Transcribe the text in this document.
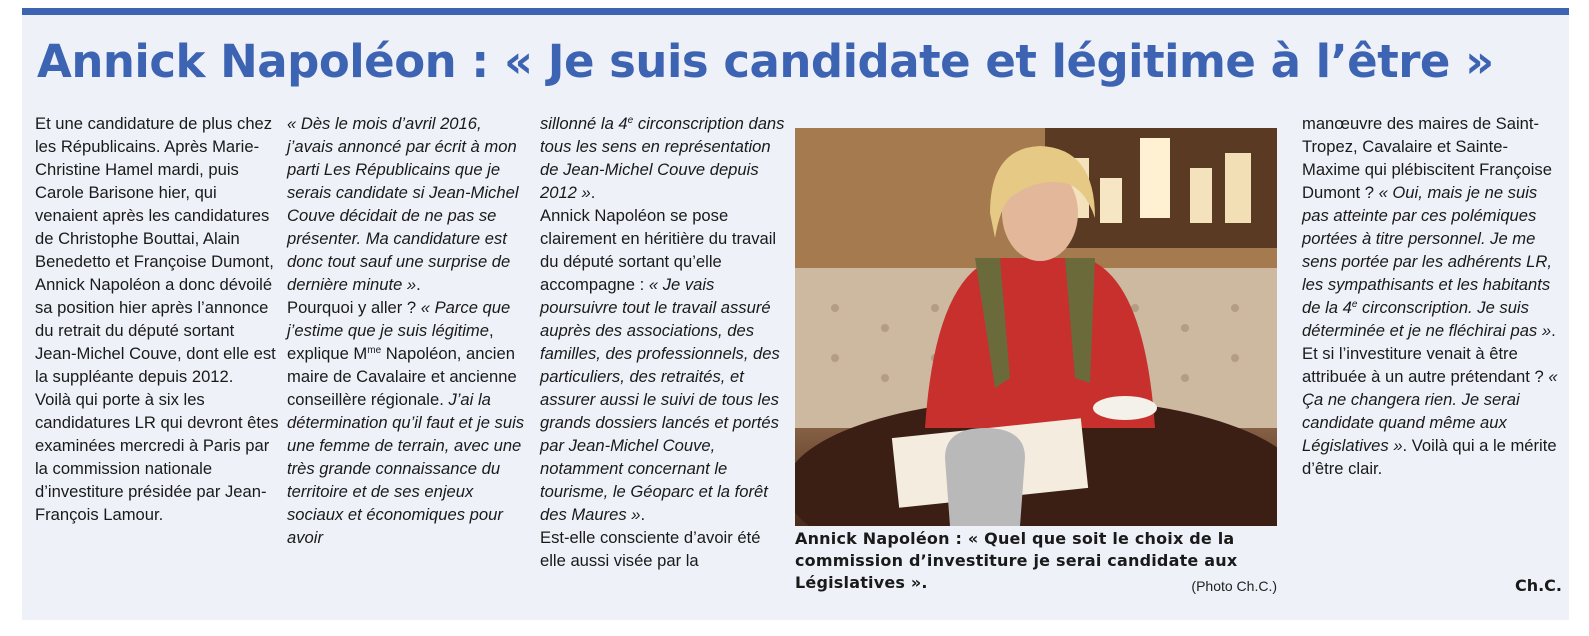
Annick Napoléon : « Je suis candidate et légitime à l’être »

Et une candidature de plus chez les Républicains. Après Marie-Christine Hamel mardi, puis Carole Barisone hier, qui venaient après les candidatures de Christophe Bouttai, Alain Benedetto et Françoise Dumont, Annick Napoléon a donc dévoilé sa position hier après l’annonce du retrait du député sortant Jean-Michel Couve, dont elle est la suppléante depuis 2012.

Voilà qui porte à six les candidatures LR qui devront êtes examinées mercredi à Paris par la commission nationale d’investiture présidée par Jean-François Lamour.

« Dès le mois d’avril 2016, j’avais annoncé par écrit à mon parti Les Républicains que je serais candidate si Jean-Michel Couve décidait de ne pas se présenter. Ma candidature est donc tout sauf une surprise de dernière minute ».

Pourquoi y aller ? « Parce que j’estime que je suis légitime, explique $M^{me}$ Napoléon, ancien maire de Cavalaire et ancienne conseillère régionale. J’ai la détermination qu’il faut et je suis une femme de terrain, avec une très grande connaissance du territoire et de ses enjeux sociaux et économiques pour avoir

sillonné la 4e circonscription dans tous les sens en représentation de Jean-Michel Couve depuis 2012 ».

Annick Napoléon se pose clairement en héritière du travail du député sortant qu’elle accompagne : « Je vais poursuivre tout le travail assuré auprès des associations, des familles, des professionnels, des particuliers, des retraités, et assurer aussi le suivi de tous les grands dossiers lancés et portés par Jean-Michel Couve, notamment concernant le tourisme, le Géoparc et la forêt des Maures ».

Est-elle consciente d’avoir été elle aussi visée par la

Annick Napoléon : « Quel que soit le choix de la commission d’investiture je serai candidate aux Législatives ».	(Photo Ch.C.)

manœuvre des maires de Saint-Tropez, Cavalaire et Sainte-Maxime qui plébiscitent Françoise Dumont ? « Oui, mais je ne suis pas atteinte par ces polémiques portées à titre personnel. Je me sens portée par les adhérents LR, les sympathisants et les habitants de la 4e circonscription. Je suis déterminée et je ne fléchirai pas ».

Et si l’investiture venait à être attribuée à un autre prétendant ? « Ça ne changera rien. Je serai candidate quand même aux Législatives ». Voilà qui a le mérite d’être clair.

Ch.C.
